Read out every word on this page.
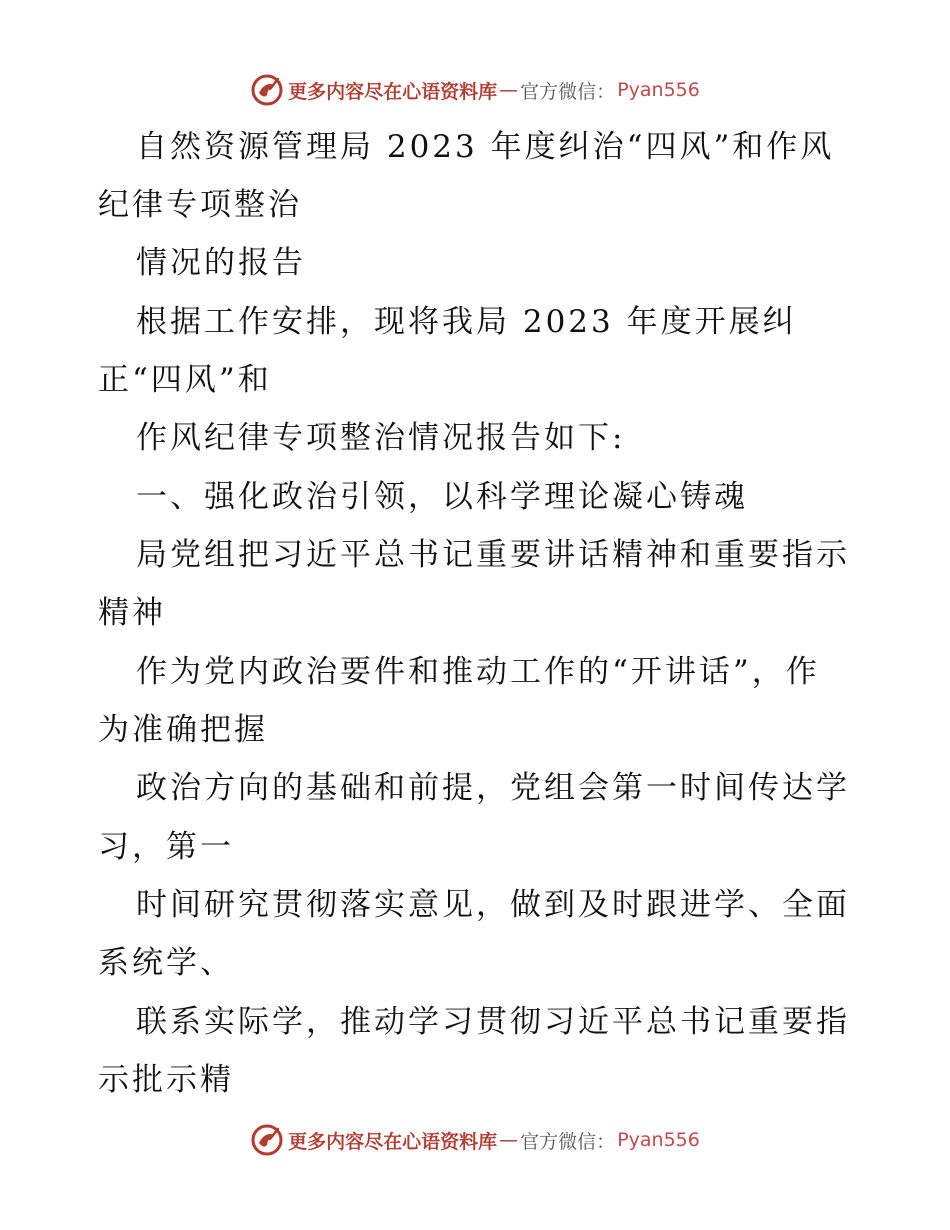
更多内容尽在心语资料库 — 官方微信 ： Pyan556
自然资源管理局 2023 年度纠治“四风”和作风
纪律专项整治
情况的报告
根据工作安排，现将我局 2023 年度开展纠
正“四风”和
作风纪律专项整治情况报告如下:
一、强化政治引领，以科学理论凝心铸魂
局党组把习近平总书记重要讲话精神和重要指示
精神
作为党内政治要件和推动工作的“开讲话”，作
为准确把握
政治方向的基础和前提，党组会第一时间传达学
习，第一
时间研究贯彻落实意见，做到及时跟进学、全面
系统学、
联系实际学，推动学习贯彻习近平总书记重要指
示批示精
更多内容尽在心语资料库 — 官方微信 ： Pyan556
